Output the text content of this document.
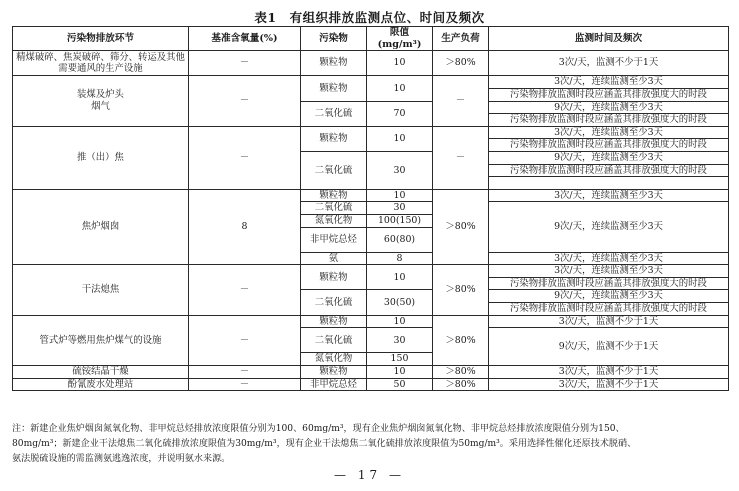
表1　有组织排放监测点位、时间及频次
污染物排放环节	基准含氧量(%)	污染物	限值(mg/m³)	生产负荷	监测时间及频次
精煤破碎、焦炭破碎、筛分、转运及其他需要通风的生产设施	－	颗粒物	10	＞80%	3次/天，监测不少于1天

装煤及炉头
烟气	－	颗粒物	10	－	3次/天，连续监测至少3天
					污染物排放监测时段应涵盖其排放强度大的时段
		二氧化硫	70		9次/天，连续监测至少3天
					污染物排放监测时段应涵盖其排放强度大的时段
推（出）焦	－	颗粒物	10	－	3次/天，连续监测至少3天
					污染物排放监测时段应涵盖其排放强度大的时段
		二氧化硫	30		9次/天，连续监测至少3天
					污染物排放监测时段应涵盖其排放强度大的时段

焦炉烟囱	8	颗粒物	10	＞80%	3次/天，连续监测至少3天
		二氧化硫	30		9次/天，连续监测至少3天
		氮氧化物	100(150)		
		非甲烷总烃	60(80)		

		氨	8		3次/天，连续监测至少3天
干法熄焦	－	颗粒物	10	＞80%	3次/天，连续监测至少3天
					污染物排放监测时段应涵盖其排放强度大的时段
		二氧化硫	30(50)		9次/天，连续监测至少3天
					污染物排放监测时段应涵盖其排放强度大的时段
管式炉等燃用焦炉煤气的设施	－	颗粒物	10	＞80%	3次/天，监测不少于1天
		二氧化硫	30		9次/天，监测不少于1天

		氮氧化物	150		
硫铵结晶干燥	－	颗粒物	10	＞80%	3次/天，监测不少于1天
酚氰废水处理站	－	非甲烷总烃	50	＞80%	3次/天，监测不少于1天
注：新建企业焦炉烟囱氮氧化物、非甲烷总烃排放浓度限值分别为100、60mg/m³，现有企业焦炉烟囱氮氧化物、非甲烷总烃排放浓度限值分别为150、
80mg/m³；新建企业干法熄焦二氧化硫排放浓度限值为30mg/m³，现有企业干法熄焦二氧化硫排放浓度限值为50mg/m³。采用选择性催化还原技术脱硝、
氨法脱硫设施的需监测氨逃逸浓度，并说明氨水来源。
— 17 —
